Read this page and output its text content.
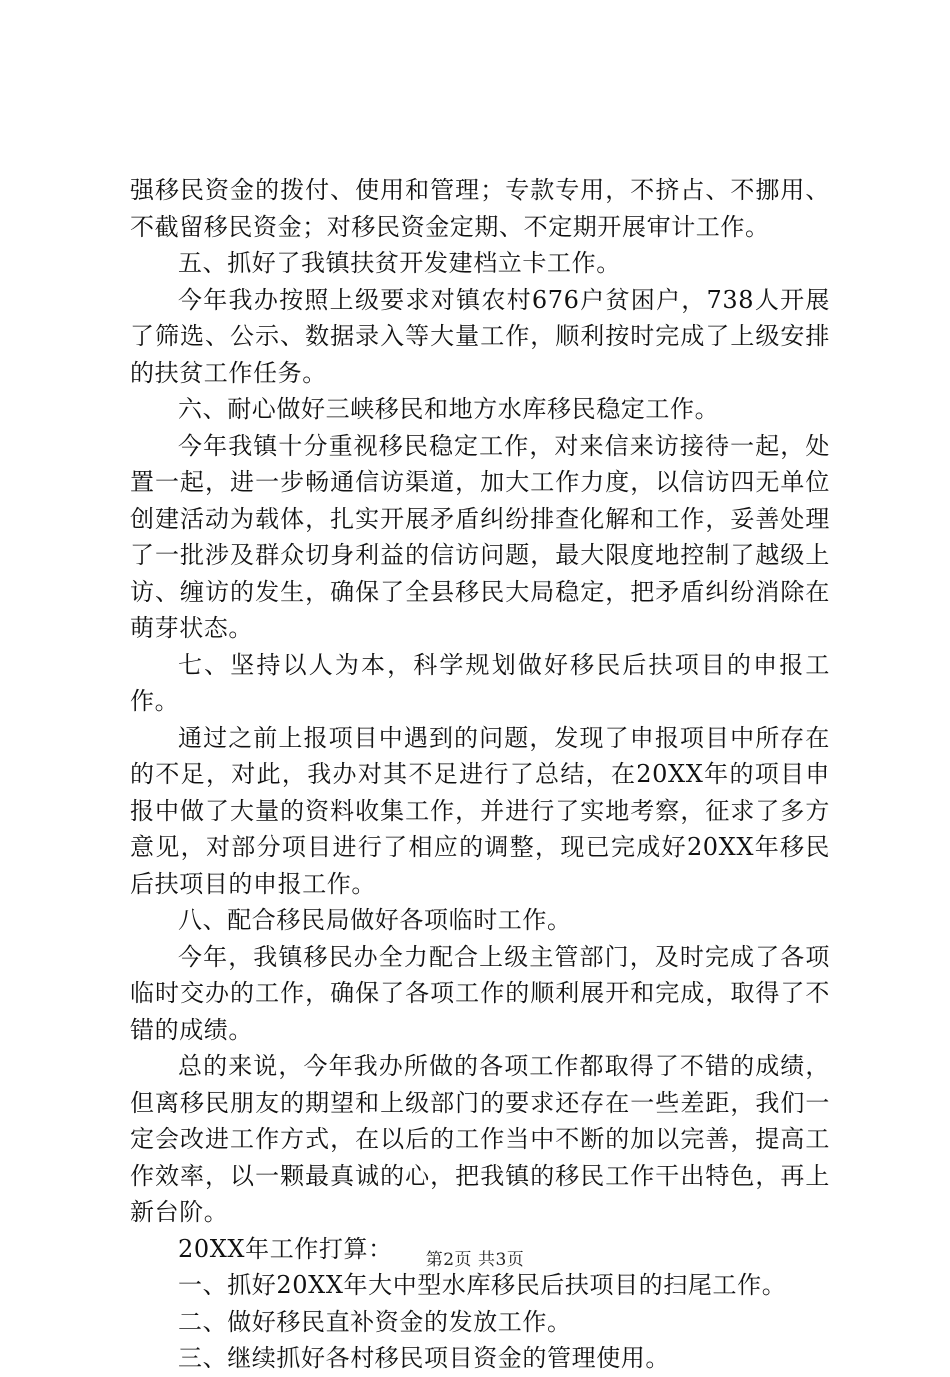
强移民资金的拨付、使用和管理；专款专用，不挤占、不挪用、不截留移民资金；对移民资金定期、不定期开展审计工作。

五、抓好了我镇扶贫开发建档立卡工作。

今年我办按照上级要求对镇农村676户贫困户，738人开展了筛选、公示、数据录入等大量工作，顺利按时完成了上级安排的扶贫工作任务。

六、耐心做好三峡移民和地方水库移民稳定工作。

今年我镇十分重视移民稳定工作，对来信来访接待一起，处置一起，进一步畅通信访渠道，加大工作力度，以信访四无单位创建活动为载体，扎实开展矛盾纠纷排查化解和工作，妥善处理了一批涉及群众切身利益的信访问题，最大限度地控制了越级上访、缠访的发生，确保了全县移民大局稳定，把矛盾纠纷消除在萌芽状态。

七、坚持以人为本，科学规划做好移民后扶项目的申报工作。

通过之前上报项目中遇到的问题，发现了申报项目中所存在的不足，对此，我办对其不足进行了总结，在20XX年的项目申报中做了大量的资料收集工作，并进行了实地考察，征求了多方意见，对部分项目进行了相应的调整，现已完成好20XX年移民后扶项目的申报工作。

八、配合移民局做好各项临时工作。

今年，我镇移民办全力配合上级主管部门，及时完成了各项临时交办的工作，确保了各项工作的顺利展开和完成，取得了不错的成绩。

总的来说，今年我办所做的各项工作都取得了不错的成绩，但离移民朋友的期望和上级部门的要求还存在一些差距，我们一定会改进工作方式，在以后的工作当中不断的加以完善，提高工作效率，以一颗最真诚的心，把我镇的移民工作干出特色，再上新台阶。

20XX年工作打算：

一、抓好20XX年大中型水库移民后扶项目的扫尾工作。

二、做好移民直补资金的发放工作。

三、继续抓好各村移民项目资金的管理使用。

第2页 共3页
